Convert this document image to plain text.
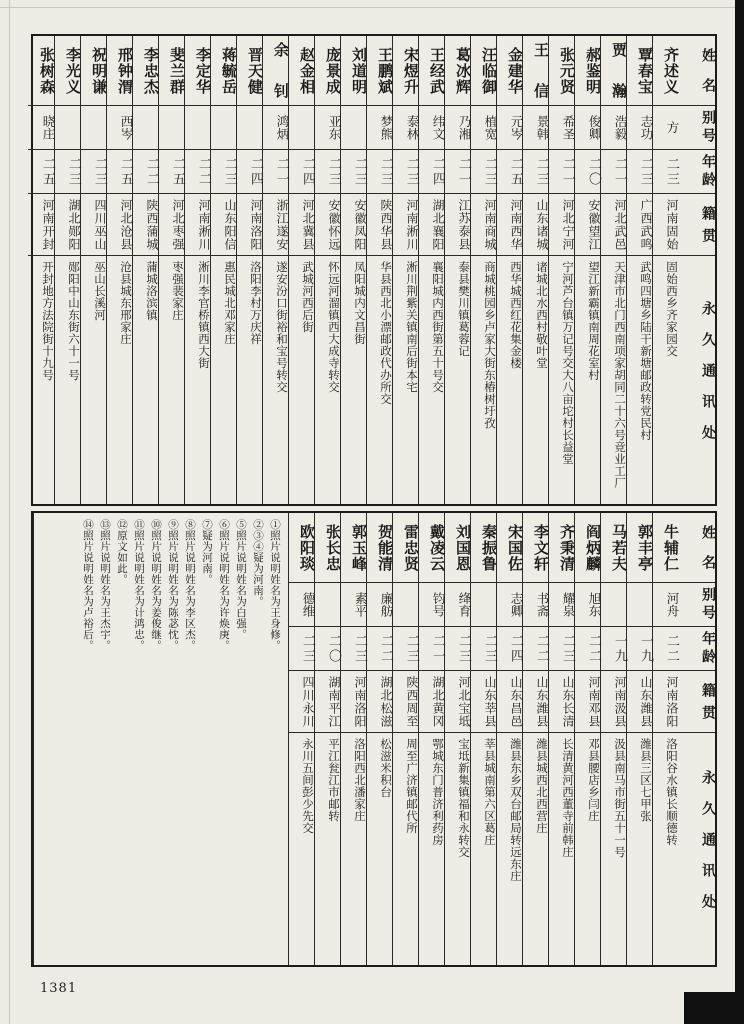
姓名
别号
年龄
籍贯
永久通讯处
齐述义
方
二三
河南固始
固始西乡齐家园交
覃春宝
志功
二三
广西武鸣
武鸣四塘乡陆干新塘邮政转党民村
贾瀚
浩毅
二一
河北武邑
天津市北门西南项家胡同二十六号竞业工厂
郝鉴明
俊卿
二〇
安徽望江
望江新霸镇南周花室村
张元贤
希圣
二一
河北宁河
宁河芦台镇万记号交大八亩坨村长益堂
王信
景韩
二三
山东诸城
诸城北水西村敬叶堂
金建华
元岑
二五
河南西华
西华城西红花集金楼
汪临御
植宽
二三
河南商城
商城桃园乡卢家大街东椿树圩孜
葛冰辉
乃湘
二一
江苏泰县
泰县樊川镇葛蓉记
王经武
纬文
二四
湖北襄阳
襄阳城内西街第五十号交
宋煜升
泰林
二三
河南淅川
淅川荆紫关镇南后街本宅
王鹏斌
梦熊
二三
陕西华县
华县西北小漂邮政代办所交
刘道明
二三
安徽凤阳
凤阳城内文昌街
庞景成
亚东
二三
安徽怀远
怀远河溜镇西大成寺转交
赵金相
二四
河北冀县
武城河西后街
余钊
鸿炳
二一
浙江遂安
遂安汾口街裕和宝号转交
晋天健
二四
河南洛阳
洛阳李村万庆祥
蒋毓岳
二三
山东阳信
惠民城北邓家庄
李定华
二二
河南淅川
淅川李官桥镇西大街
斐兰群
二五
河北枣强
枣强裴家庄
李忠杰
二二
陕西蒲城
蒲城洛滨镇
邢钟渭
西岑
二五
河北沧县
沧县城东邢家庄
祝明谦
二三
四川巫山
巫山长溪河
李光义
二三
湖北郧阳
郧阳中山东街六十一号
张树森
晓庄
二五
河南开封
开封地方法院街十九号
姓名
别号
年龄
籍贯
永久通讯处
牛辅仁
河舟
二二
河南洛阳
洛阳谷水镇长顺德转
郭丰亭
一九
山东潍县
潍县三区七甲张
马若夫
一九
河南汲县
汲县南马市街五十一号
阎炳麟
旭东
二二
河南邓县
邓县腰店乡闫庄
齐秉清
耀泉
二三
山东长清
长清黄河西董寺前韩庄
李文轩
书斋
二二
山东潍县
潍县城西北西营庄
宋国佐
志卿
二四
山东昌邑
潍县东乡双台邮局转远东庄
秦振鲁
二三
山东莘县
莘县城南第六区葛庄
刘国恩
绛育
二三
河北宝坻
宝坻新集镇福和永转交
戴凌云
钧号
二一
湖北黄冈
鄂城东门普济利药房
雷忠贤
二三
陕西周至
周至广济镇邮代所
贺能清
廉舫
二二
湖北松滋
松滋米积台
郭玉峰
素平
二三
河南洛阳
洛阳西北潘家庄
张长忠
二〇
湖南平江
平江瓮江市邮转
欧阳琰
德维
二三
四川永川
永川五间彭少先交
①照片说明姓名为王身修。
②③④疑为河南。
⑤照片说明姓名为白强。
⑥照片说明姓名为许焕庚。
⑦疑为河南。
⑧照片说明姓名为李区杰。
⑨照片说明姓名为陈苾忱。
⑩照片说明姓名为姜俊继。
⑪照片说明姓名为计鸿忠。
⑫原文如此。
⑬照片说明姓名为王杰宇。
⑭照片说明姓名为卢裕后。
1381
